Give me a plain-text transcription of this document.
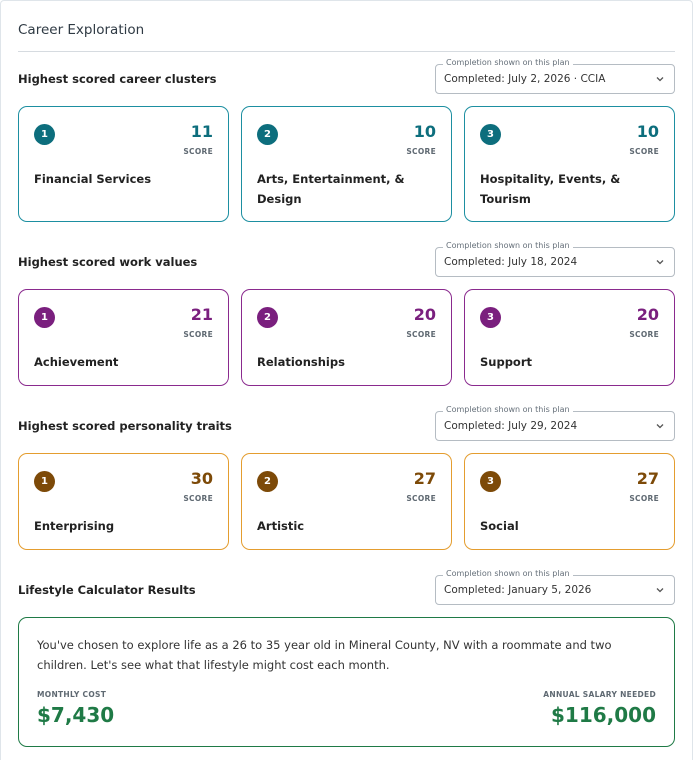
Career Exploration
Highest scored career clusters
Completion shown on this plan
Completed: July 2, 2026 · CCIA
1	11
SCORE
Financial Services
2	10
SCORE
Arts, Entertainment, & Design
3	10
SCORE
Hospitality, Events, & Tourism
Highest scored work values
Completion shown on this plan
Completed: July 18, 2024
1	21
SCORE
Achievement
2	20
SCORE
Relationships
3	20
SCORE
Support
Highest scored personality traits
Completion shown on this plan
Completed: July 29, 2024
1	30
SCORE
Enterprising
2	27
SCORE
Artistic
3	27
SCORE
Social
Lifestyle Calculator Results
Completion shown on this plan
Completed: January 5, 2026
You've chosen to explore life as a 26 to 35 year old in Mineral County, NV with a roommate and two children. Let's see what that lifestyle might cost each month.
MONTHLY COST
$7,430
ANNUAL SALARY NEEDED
$116,000
